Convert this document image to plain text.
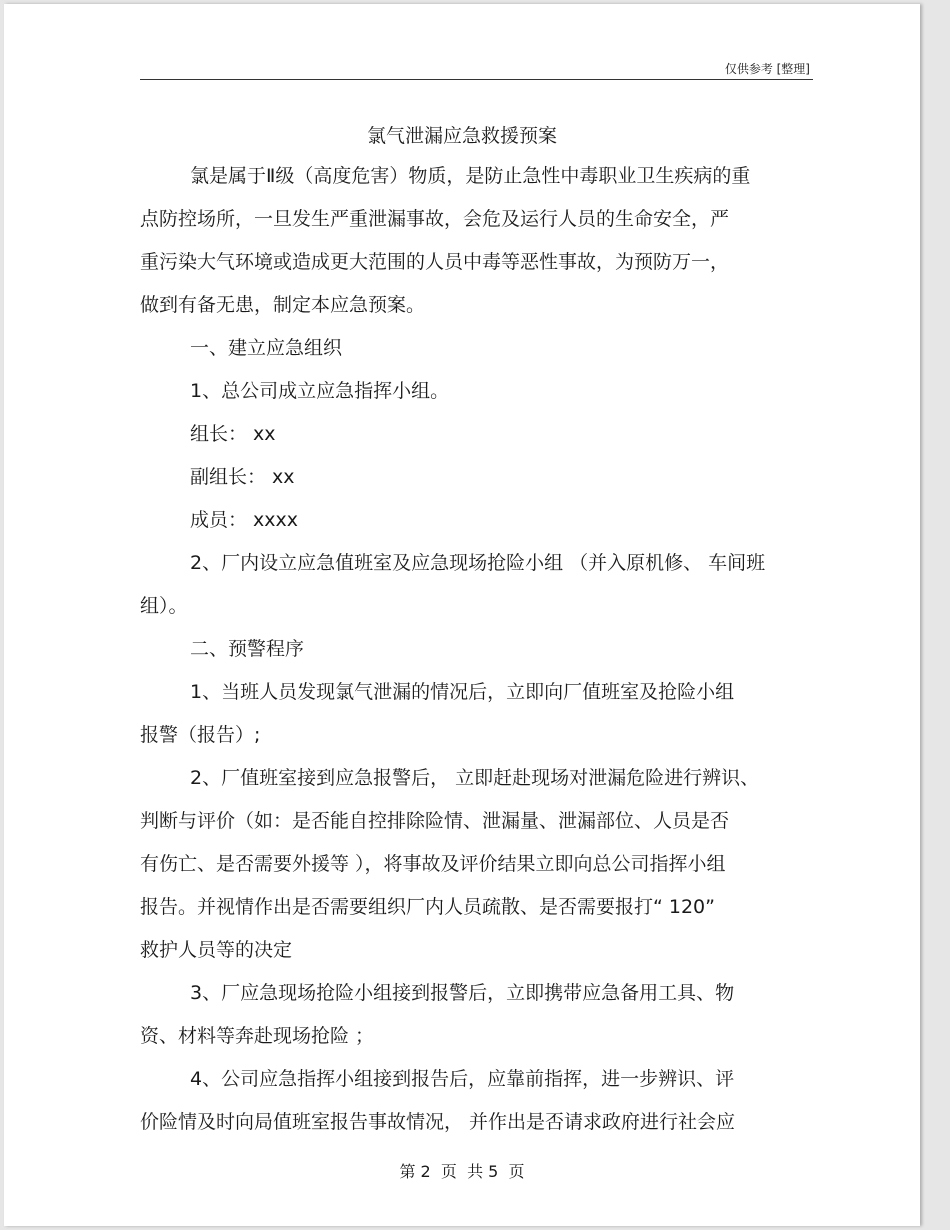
仅供参考 [整理]
氯气泄漏应急救援预案
氯是属于Ⅱ级（高度危害）物质，是防止急性中毒职业卫生疾病的重
点防控场所，一旦发生严重泄漏事故，会危及运行人员的生命安全，严
重污染大气环境或造成更大范围的人员中毒等恶性事故，为预防万一，
做到有备无患，制定本应急预案。
一、建立应急组织
1、总公司成立应急指挥小组。
组长： xx
副组长： xx
成员： xxxx
2、厂内设立应急值班室及应急现场抢险小组 （并入原机修、 车间班
组）。
二、预警程序
1、当班人员发现氯气泄漏的情况后，立即向厂值班室及抢险小组
报警（报告）;
2、厂值班室接到应急报警后， 立即赶赴现场对泄漏危险进行辨识、
判断与评价（如：是否能自控排除险情、泄漏量、泄漏部位、人员是否
有伤亡、是否需要外援等 ），将事故及评价结果立即向总公司指挥小组
报告。并视情作出是否需要组织厂内人员疏散、是否需要报打“ 120”
救护人员等的决定
3、厂应急现场抢险小组接到报警后，立即携带应急备用工具、物
资、材料等奔赴现场抢险 ；
4、公司应急指挥小组接到报告后，应靠前指挥，进一步辨识、评
价险情及时向局值班室报告事故情况， 并作出是否请求政府进行社会应
第 2  页  共 5  页
